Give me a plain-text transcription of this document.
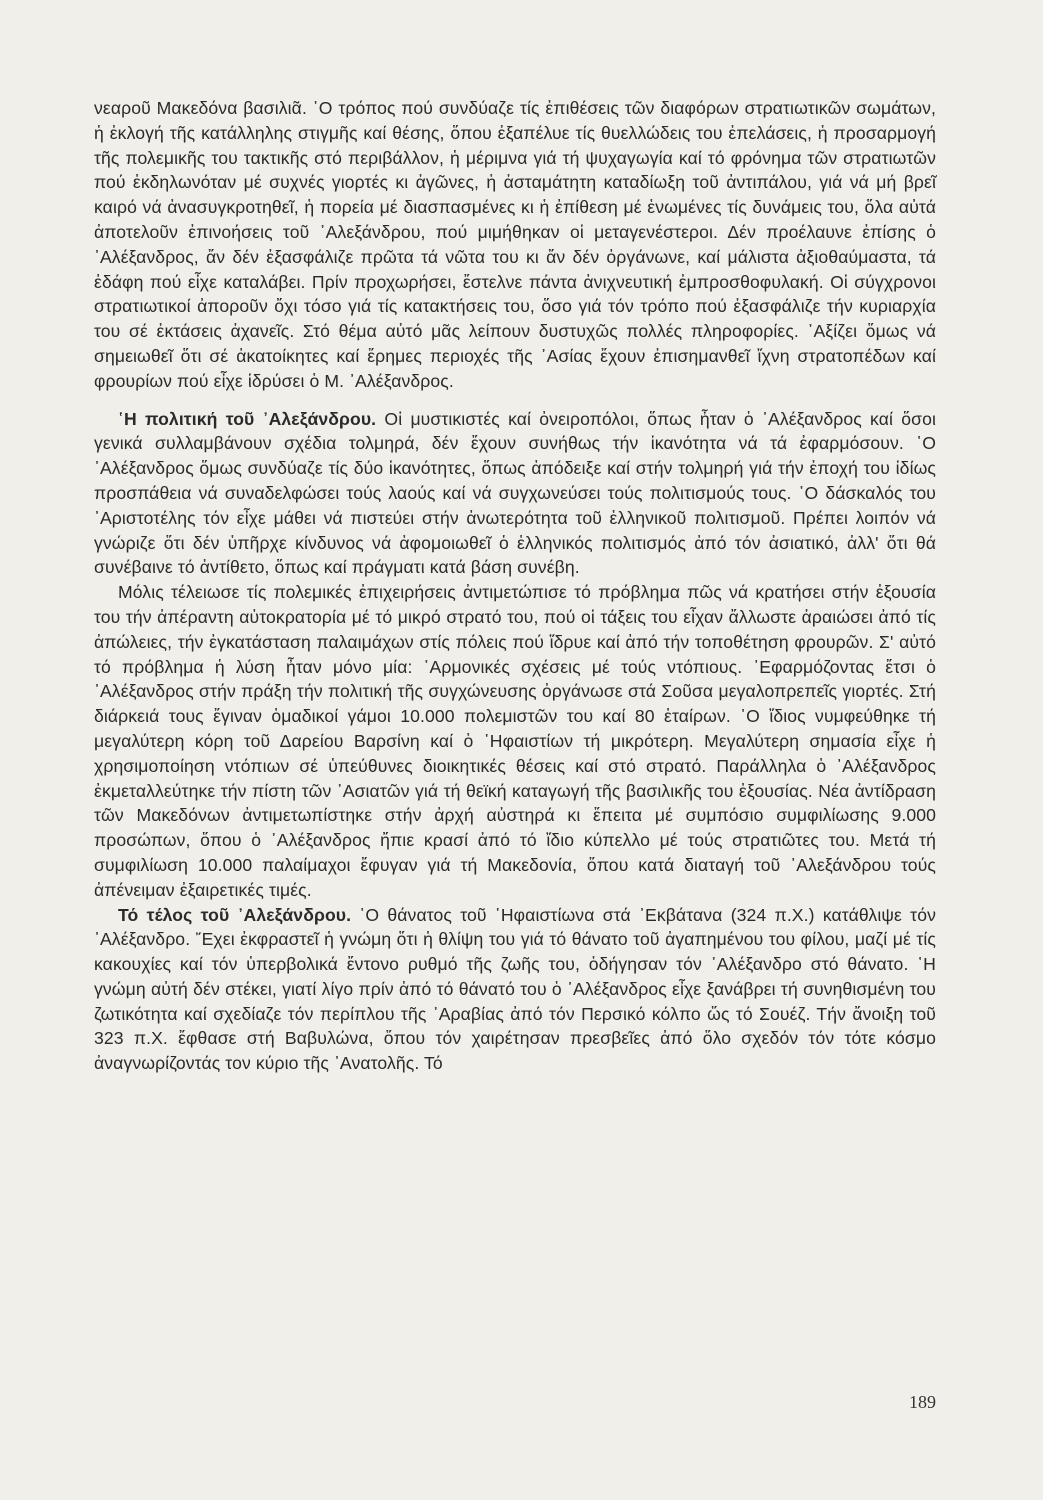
νεαροῦ Μακεδόνα βασιλιᾶ. ῾Ο τρόπος πού συνδύαζε τίς ἐπιθέσεις τῶν διαφόρων στρατιωτικῶν σωμάτων, ἡ ἐκλογή τῆς κατάλληλης στιγμῆς καί θέσης, ὅπου ἐξαπέλυε τίς θυελλώδεις του ἐπελάσεις, ἡ προσαρμογή τῆς πολεμικῆς του τακτικῆς στό περιβάλλον, ἡ μέριμνα γιά τή ψυχαγωγία καί τό φρόνημα τῶν στρατιωτῶν πού ἐκδηλωνόταν μέ συχνές γιορτές κι ἀγῶνες, ἡ ἀσταμάτητη καταδίωξη τοῦ ἀντιπάλου, γιά νά μή βρεῖ καιρό νά ἀνασυγκροτηθεῖ, ἡ πορεία μέ διασπασμένες κι ἡ ἐπίθεση μέ ἑνωμένες τίς δυνάμεις του, ὅλα αὐτά ἀποτελοῦν ἐπινοήσεις τοῦ ᾿Αλεξάνδρου, πού μιμήθηκαν οἱ μεταγενέστεροι. Δέν προέλαυνε ἐπίσης ὁ ᾿Αλέξανδρος, ἄν δέν ἐξασφάλιζε πρῶτα τά νῶτα του κι ἄν δέν ὀργάνωνε, καί μάλιστα ἀξιοθαύμαστα, τά ἐδάφη πού εἶχε καταλάβει. Πρίν προχωρήσει, ἔστελνε πάντα ἀνιχνευτική ἐμπροσθοφυλακή. Οἱ σύγχρονοι στρατιωτικοί ἀποροῦν ὄχι τόσο γιά τίς κατακτήσεις του, ὅσο γιά τόν τρόπο πού ἐξασφάλιζε τήν κυριαρχία του σέ ἐκτάσεις ἀχανεῖς. Στό θέμα αὐτό μᾶς λείπουν δυστυχῶς πολλές πληροφορίες. ᾿Αξίζει ὅμως νά σημειωθεῖ ὅτι σέ ἀκατοίκητες καί ἔρημες περιοχές τῆς ᾿Ασίας ἔχουν ἐπισημανθεῖ ἴχνη στρατοπέδων καί φρουρίων πού εἶχε ἱδρύσει ὁ Μ. ᾿Αλέξανδρος.

῾Η πολιτική τοῦ ᾿Αλεξάνδρου. Οἱ μυστικιστές καί ὀνειροπόλοι, ὅπως ἦταν ὁ ᾿Αλέξανδρος καί ὅσοι γενικά συλλαμβάνουν σχέδια τολμηρά, δέν ἔχουν συνήθως τήν ἱκανότητα νά τά ἐφαρμόσουν. ῾Ο ᾿Αλέξανδρος ὅμως συνδύαζε τίς δύο ἱκανότητες, ὅπως ἀπόδειξε καί στήν τολμηρή γιά τήν ἐποχή του ἰδίως προσπάθεια νά συναδελφώσει τούς λαούς καί νά συγχωνεύσει τούς πολιτισμούς τους. ῾Ο δάσκαλός του ᾿Αριστοτέλης τόν εἶχε μάθει νά πιστεύει στήν ἀνωτερότητα τοῦ ἑλληνικοῦ πολιτισμοῦ. Πρέπει λοιπόν νά γνώριζε ὅτι δέν ὑπῆρχε κίνδυνος νά ἀφομοιωθεῖ ὁ ἑλληνικός πολιτισμός ἀπό τόν ἀσιατικό, ἀλλ' ὅτι θά συνέβαινε τό ἀντίθετο, ὅπως καί πράγματι κατά βάση συνέβη.

Μόλις τέλειωσε τίς πολεμικές ἐπιχειρήσεις ἀντιμετώπισε τό πρόβλημα πῶς νά κρατήσει στήν ἐξουσία του τήν ἀπέραντη αὐτοκρατορία μέ τό μικρό στρατό του, πού οἱ τάξεις του εἶχαν ἄλλωστε ἀραιώσει ἀπό τίς ἀπώλειες, τήν ἐγκατάσταση παλαιμάχων στίς πόλεις πού ἵδρυε καί ἀπό τήν τοποθέτηση φρουρῶν. Σ' αὐτό τό πρόβλημα ἡ λύση ἦταν μόνο μία: ῾Αρμονικές σχέσεις μέ τούς ντόπιους. ᾿Εφαρμόζοντας ἔτσι ὁ ᾿Αλέξανδρος στήν πράξη τήν πολιτική τῆς συγχώνευσης ὀργάνωσε στά Σοῦσα μεγαλοπρεπεῖς γιορτές. Στή διάρκειά τους ἔγιναν ὁμαδικοί γάμοι 10.000 πολεμιστῶν του καί 80 ἑταίρων. ῾Ο ἴδιος νυμφεύθηκε τή μεγαλύτερη κόρη τοῦ Δαρείου Βαρσίνη καί ὁ ῾Ηφαιστίων τή μικρότερη. Μεγαλύτερη σημασία εἶχε ἡ χρησιμοποίηση ντόπιων σέ ὑπεύθυνες διοικητικές θέσεις καί στό στρατό. Παράλληλα ὁ ᾿Αλέξανδρος ἐκμεταλλεύτηκε τήν πίστη τῶν ᾿Ασιατῶν γιά τή θεϊκή καταγωγή τῆς βασιλικῆς του ἐξουσίας. Νέα ἀντίδραση τῶν Μακεδόνων ἀντιμετωπίστηκε στήν ἀρχή αὐστηρά κι ἔπειτα μέ συμπόσιο συμφιλίωσης 9.000 προσώπων, ὅπου ὁ ᾿Αλέξανδρος ἤπιε κρασί ἀπό τό ἴδιο κύπελλο μέ τούς στρατιῶτες του. Μετά τή συμφιλίωση 10.000 παλαίμαχοι ἔφυγαν γιά τή Μακεδονία, ὅπου κατά διαταγή τοῦ ᾿Αλεξάνδρου τούς ἀπένειμαν ἐξαιρετικές τιμές.

Τό τέλος τοῦ ᾿Αλεξάνδρου. ῾Ο θάνατος τοῦ ῾Ηφαιστίωνα στά ᾿Εκβάτανα (324 π.Χ.) κατάθλιψε τόν ᾿Αλέξανδρο. ῎Εχει ἐκφραστεῖ ἡ γνώμη ὅτι ἡ θλίψη του γιά τό θάνατο τοῦ ἀγαπημένου του φίλου, μαζί μέ τίς κακουχίες καί τόν ὑπερβολικά ἔντονο ρυθμό τῆς ζωῆς του, ὁδήγησαν τόν ᾿Αλέξανδρο στό θάνατο. ῾Η γνώμη αὐτή δέν στέκει, γιατί λίγο πρίν ἀπό τό θάνατό του ὁ ᾿Αλέξανδρος εἶχε ξανάβρει τή συνηθισμένη του ζωτικότητα καί σχεδίαζε τόν περίπλου τῆς ᾿Αραβίας ἀπό τόν Περσικό κόλπο ὥς τό Σουέζ. Τήν ἄνοιξη τοῦ 323 π.Χ. ἔφθασε στή Βαβυλώνα, ὅπου τόν χαιρέτησαν πρεσβεῖες ἀπό ὅλο σχεδόν τόν τότε κόσμο ἀναγνωρίζοντάς τον κύριο τῆς ᾿Ανατολῆς. Τό

189
